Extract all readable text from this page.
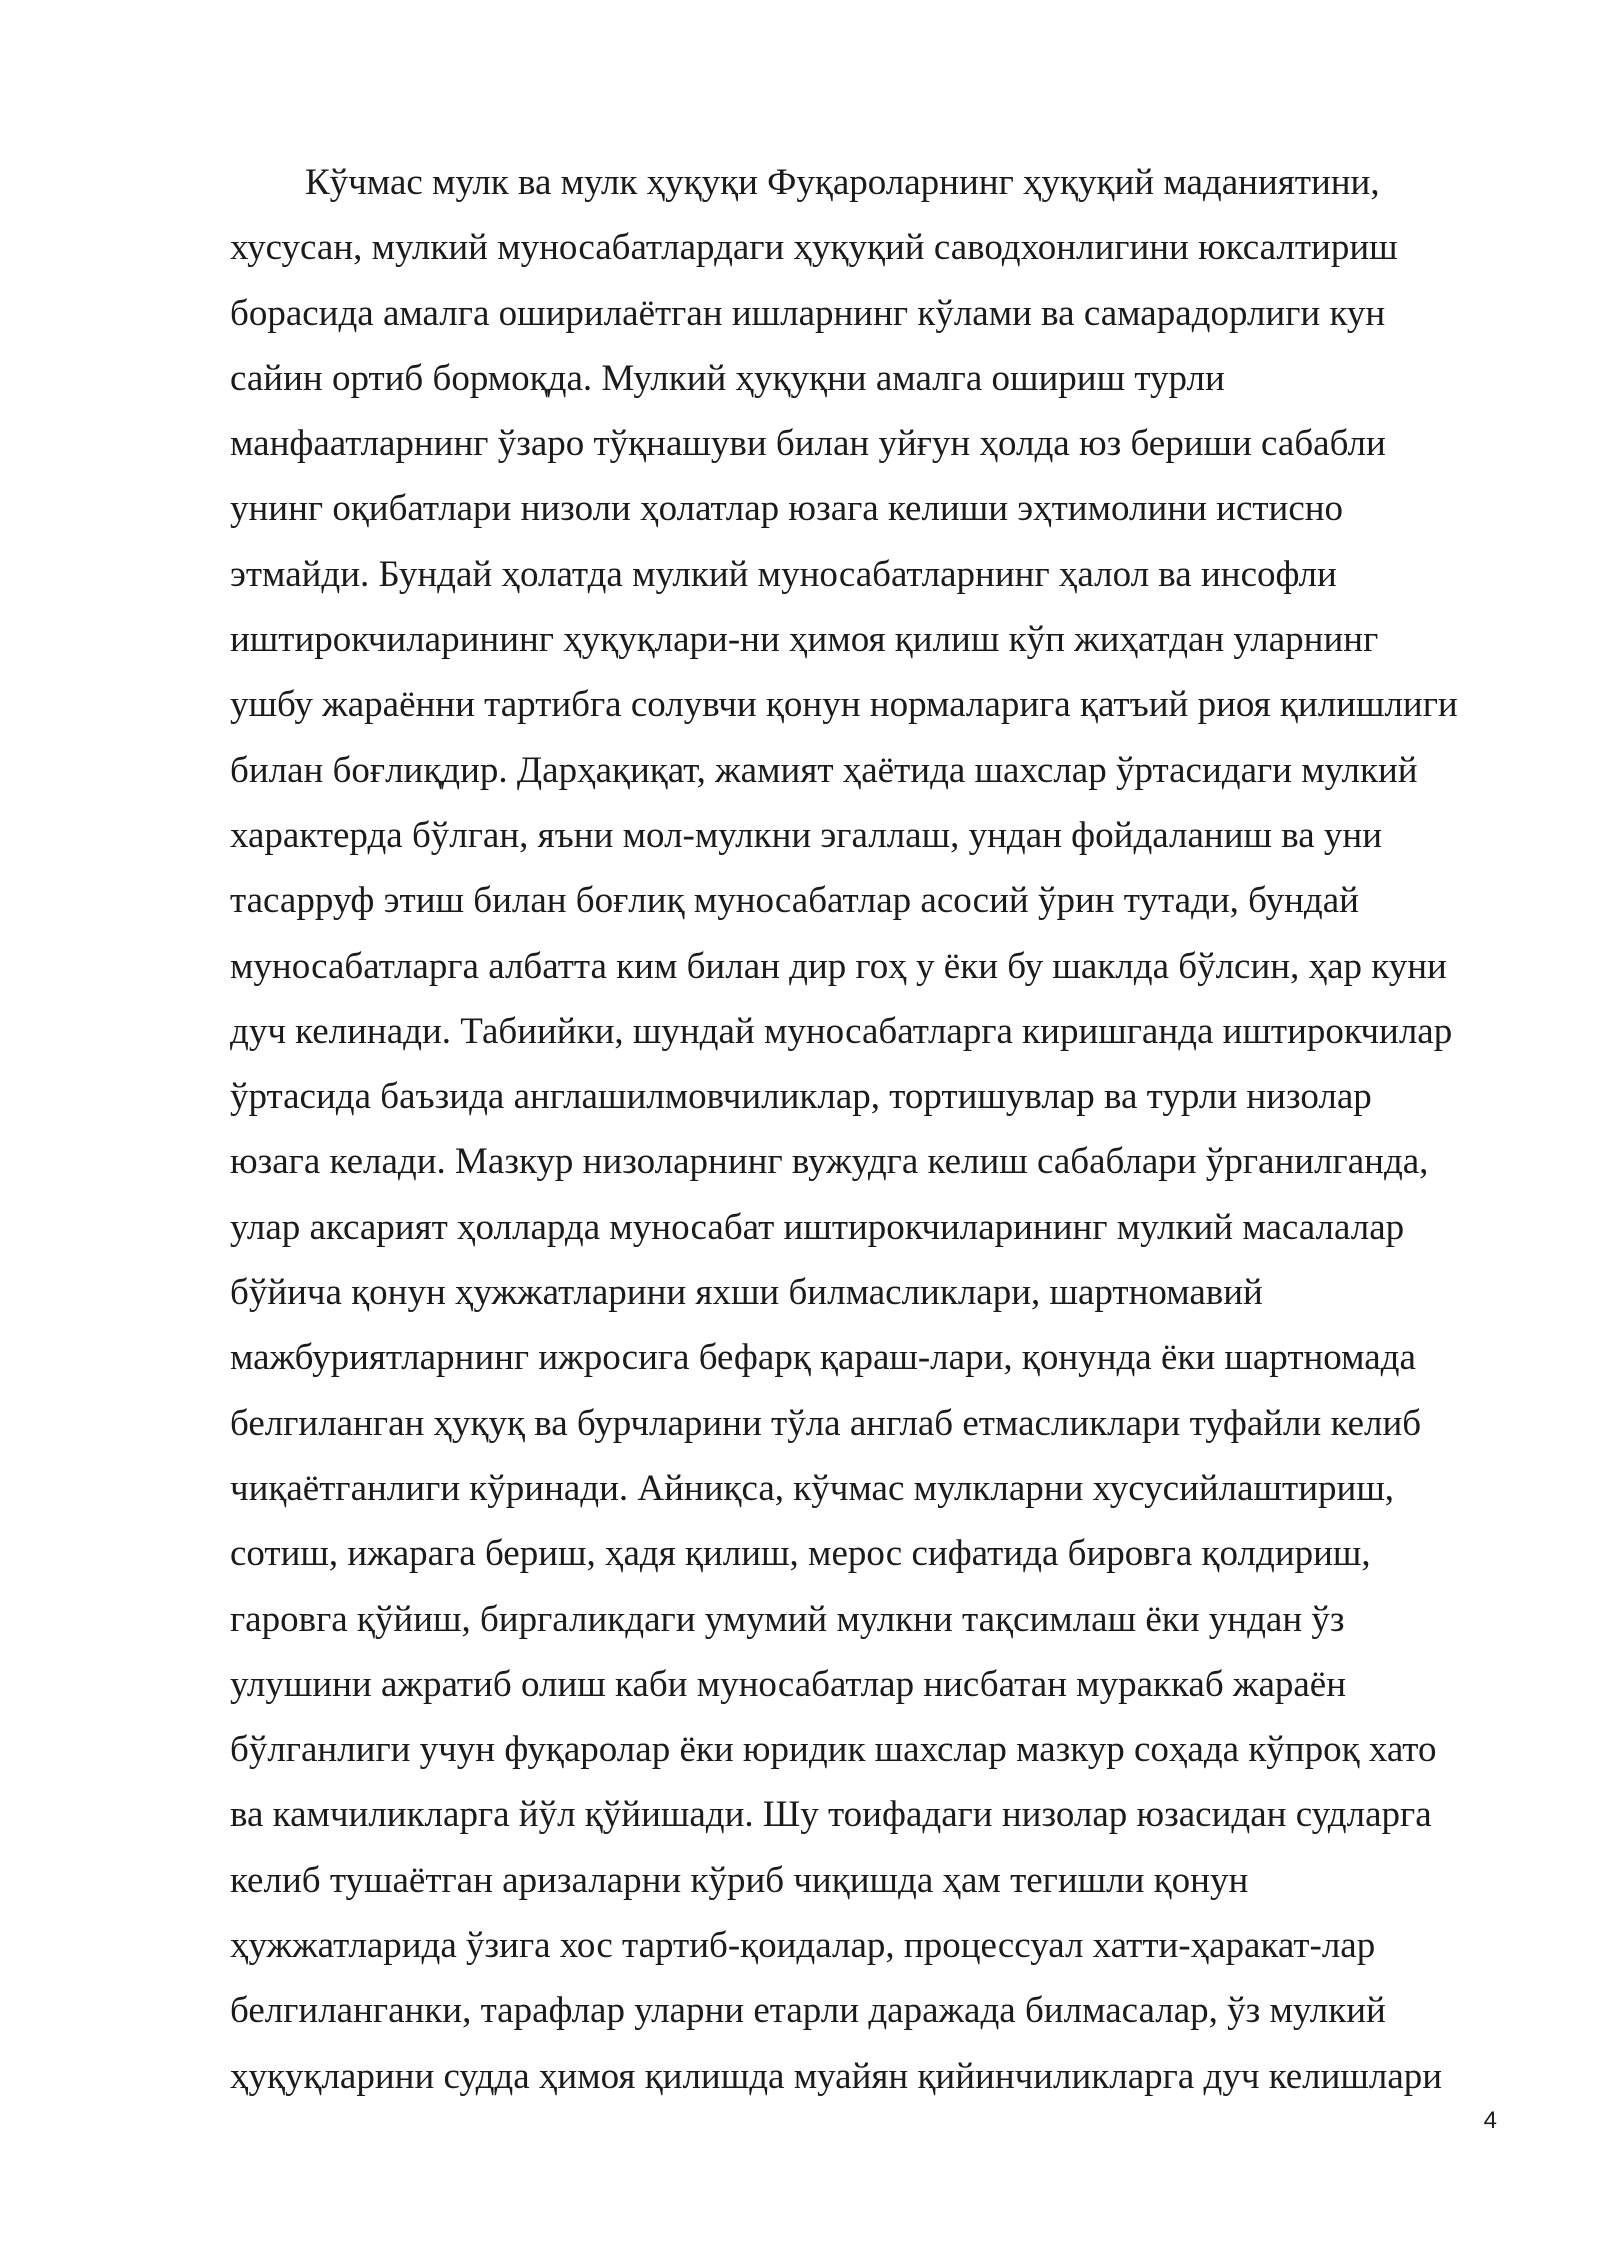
Кўчмас мулк ва мулк ҳуқуқи Фуқароларнинг ҳуқуқий маданиятини,
хусусан, мулкий муносабатлардаги ҳуқуқий саводхонлигини юксалтириш
борасида амалга оширилаётган ишларнинг кўлами ва самарадорлиги кун
сайин ортиб бормоқда. Мулкий ҳуқуқни амалга ошириш турли
манфаатларнинг ўзаро тўқнашуви билан уйғун ҳолда юз бериши сабабли
унинг оқибатлари низоли ҳолатлар юзага келиши эҳтимолини истисно
этмайди. Бундай ҳолатда мулкий муносабатларнинг ҳалол ва инсофли
иштирокчиларининг ҳуқуқлари-ни ҳимоя қилиш кўп жиҳатдан уларнинг
ушбу жараённи тартибга солувчи қонун нормаларига қатъий риоя қилишлиги
билан боғлиқдир. Дарҳақиқат, жамият ҳаётида шахслар ўртасидаги мулкий
характерда бўлган, яъни мол-мулкни эгаллаш, ундан фойдаланиш ва уни
тасарруф этиш билан боғлиқ муносабатлар асосий ўрин тутади, бундай
муносабатларга албатта ким билан дир гоҳ у ёки бу шаклда бўлсин, ҳар куни
дуч келинади. Табиийки, шундай муносабатларга киришганда иштирокчилар
ўртасида баъзида англашилмовчиликлар, тортишувлар ва турли низолар
юзага келади. Мазкур низоларнинг вужудга келиш сабаблари ўрганилганда,
улар аксарият ҳолларда муносабат иштирокчиларининг мулкий масалалар
бўйича қонун ҳужжатларини яхши билмасликлари, шартномавий
мажбуриятларнинг ижросига бефарқ қараш-лари, қонунда ёки шартномада
белгиланган ҳуқуқ ва бурчларини тўла англаб етмасликлари туфайли келиб
чиқаётганлиги кўринади. Айниқса, кўчмас мулкларни хусусийлаштириш,
сотиш, ижарага бериш, ҳадя қилиш, мерос сифатида бировга қолдириш,
гаровга қўйиш, биргаликдаги умумий мулкни тақсимлаш ёки ундан ўз
улушини ажратиб олиш каби муносабатлар нисбатан мураккаб жараён
бўлганлиги учун фуқаролар ёки юридик шахслар мазкур соҳада кўпроқ хато
ва камчиликларга йўл қўйишади. Шу тоифадаги низолар юзасидан судларга
келиб тушаётган аризаларни кўриб чиқишда ҳам тегишли қонун
ҳужжатларида ўзига хос тартиб-қоидалар, процессуал хатти-ҳаракат-лар
белгиланганки, тарафлар уларни етарли даражада билмасалар, ўз мулкий
ҳуқуқларини судда ҳимоя қилишда муайян қийинчиликларга дуч келишлари
4
